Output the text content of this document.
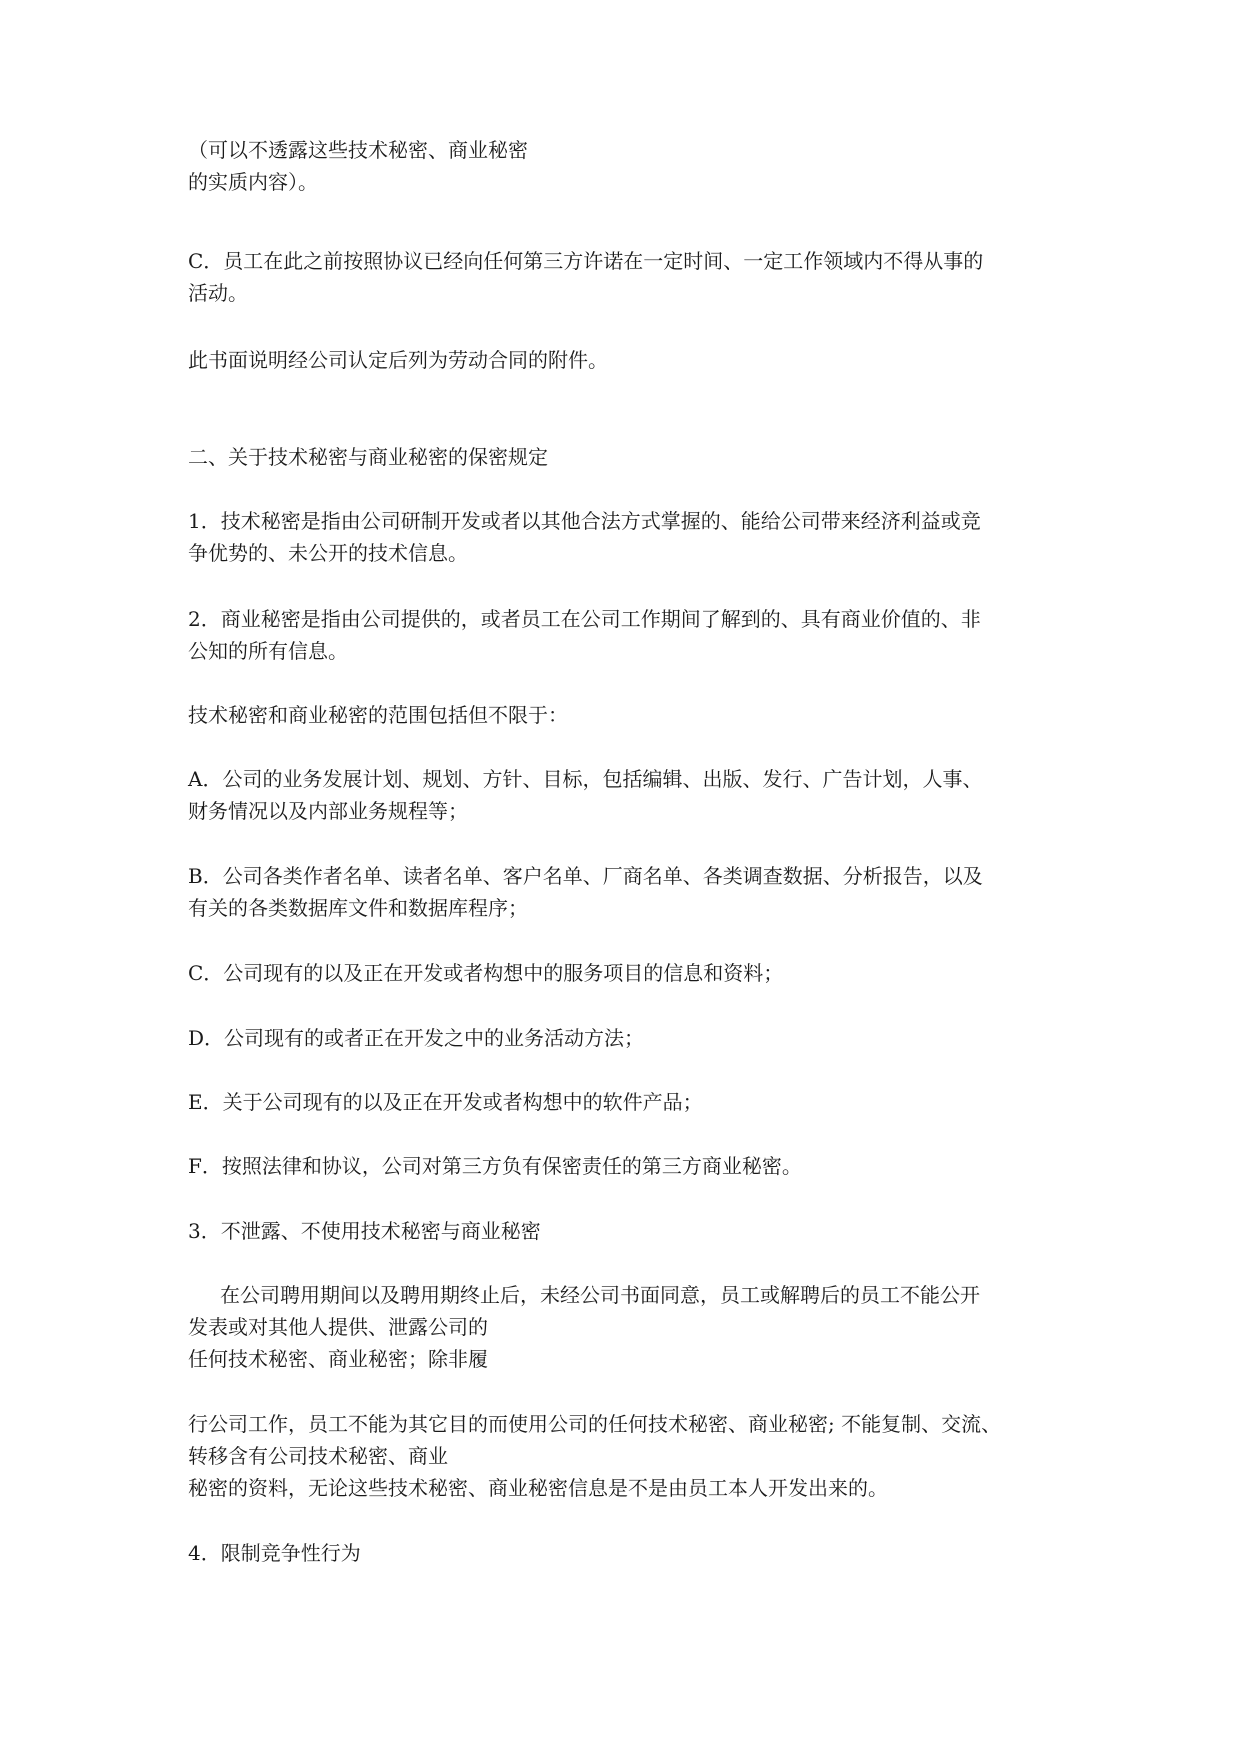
（可以不透露这些技术秘密、商业秘密
的实质内容）。

C．员工在此之前按照协议已经向任何第三方许诺在一定时间、一定工作领域内不得从事的
活动。

此书面说明经公司认定后列为劳动合同的附件。

二、关于技术秘密与商业秘密的保密规定

1．技术秘密是指由公司研制开发或者以其他合法方式掌握的、能给公司带来经济利益或竞
争优势的、未公开的技术信息。

2．商业秘密是指由公司提供的，或者员工在公司工作期间了解到的、具有商业价值的、非
公知的所有信息。

技术秘密和商业秘密的范围包括但不限于：

A．公司的业务发展计划、规划、方针、目标，包括编辑、出版、发行、广告计划，人事、
财务情况以及内部业务规程等；

B．公司各类作者名单、读者名单、客户名单、厂商名单、各类调查数据、分析报告，以及
有关的各类数据库文件和数据库程序；

C．公司现有的以及正在开发或者构想中的服务项目的信息和资料；

D．公司现有的或者正在开发之中的业务活动方法；

E．关于公司现有的以及正在开发或者构想中的软件产品；

F．按照法律和协议，公司对第三方负有保密责任的第三方商业秘密。

3．不泄露、不使用技术秘密与商业秘密

在公司聘用期间以及聘用期终止后，未经公司书面同意，员工或解聘后的员工不能公开
发表或对其他人提供、泄露公司的
任何技术秘密、商业秘密；除非履

行公司工作，员工不能为其它目的而使用公司的任何技术秘密、商业秘密; 不能复制、交流、
转移含有公司技术秘密、商业
秘密的资料，无论这些技术秘密、商业秘密信息是不是由员工本人开发出来的。

4．限制竞争性行为
